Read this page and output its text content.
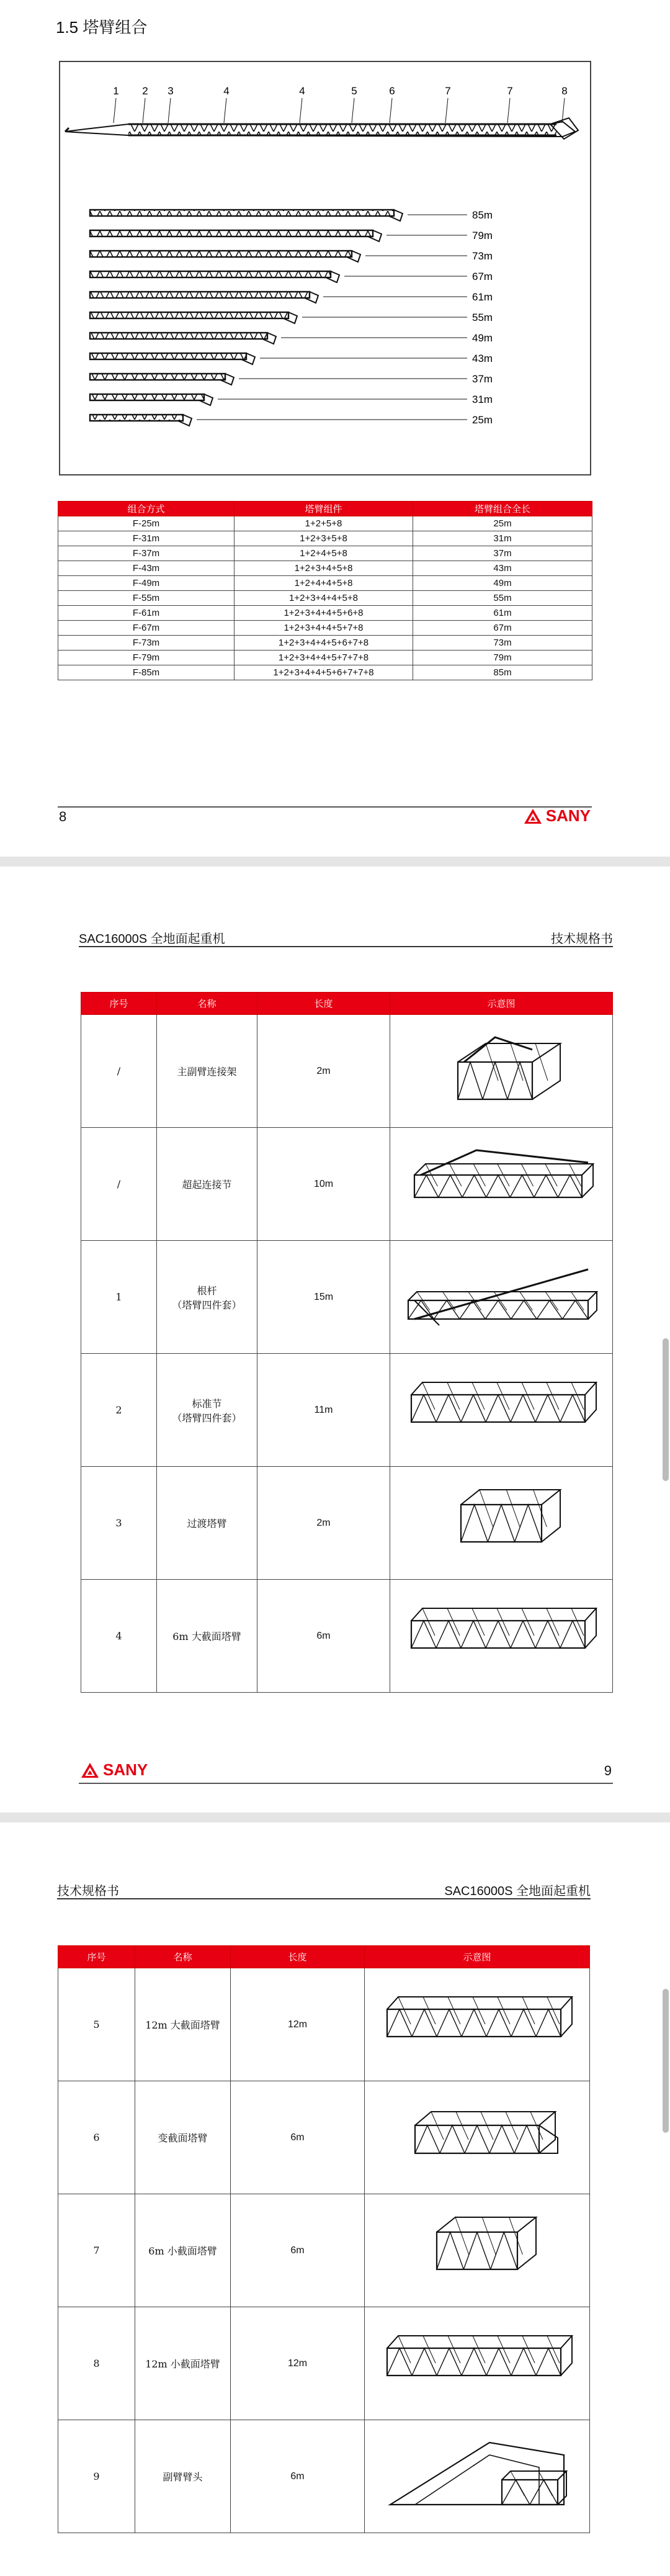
1.5 塔臂组合
1 2 3	4	4	5	6	7	7	8
85m
79m
73m
67m
61m
55m
49m
43m
37m
31m
25m
组合方式	塔臂组件	塔臂组合全长
F-25m	1+2+5+8	25m
F-31m	1+2+3+5+8	31m
F-37m	1+2+4+5+8	37m
F-43m	1+2+3+4+5+8	43m
F-49m	1+2+4+4+5+8	49m
F-55m	1+2+3+4+4+5+8	55m
F-61m	1+2+3+4+4+5+6+8	61m
F-67m	1+2+3+4+4+5+7+8	67m
F-73m	1+2+3+4+4+5+6+7+8	73m
F-79m	1+2+3+4+4+5+7+7+8	79m
F-85m	1+2+3+4+4+5+6+7+7+8	85m
8	SANY
SAC16000S 全地面起重机	技术规格书
序号	名称	长度	示意图
/	主副臂连接架	2m	

/	超起连接节	10m	

1	根杆
（塔臂四件套）	15m	

2	标准节
（塔臂四件套）	11m	

3	过渡塔臂	2m	

4	6m 大截面塔臂	6m	
SANY	9
技术规格书	SAC16000S 全地面起重机
序号	名称	长度	示意图
5	12m 大截面塔臂	12m	

6	变截面塔臂	6m	

7	6m 小截面塔臂	6m	

8	12m 小截面塔臂	12m	

9	副臂臂头	6m	
